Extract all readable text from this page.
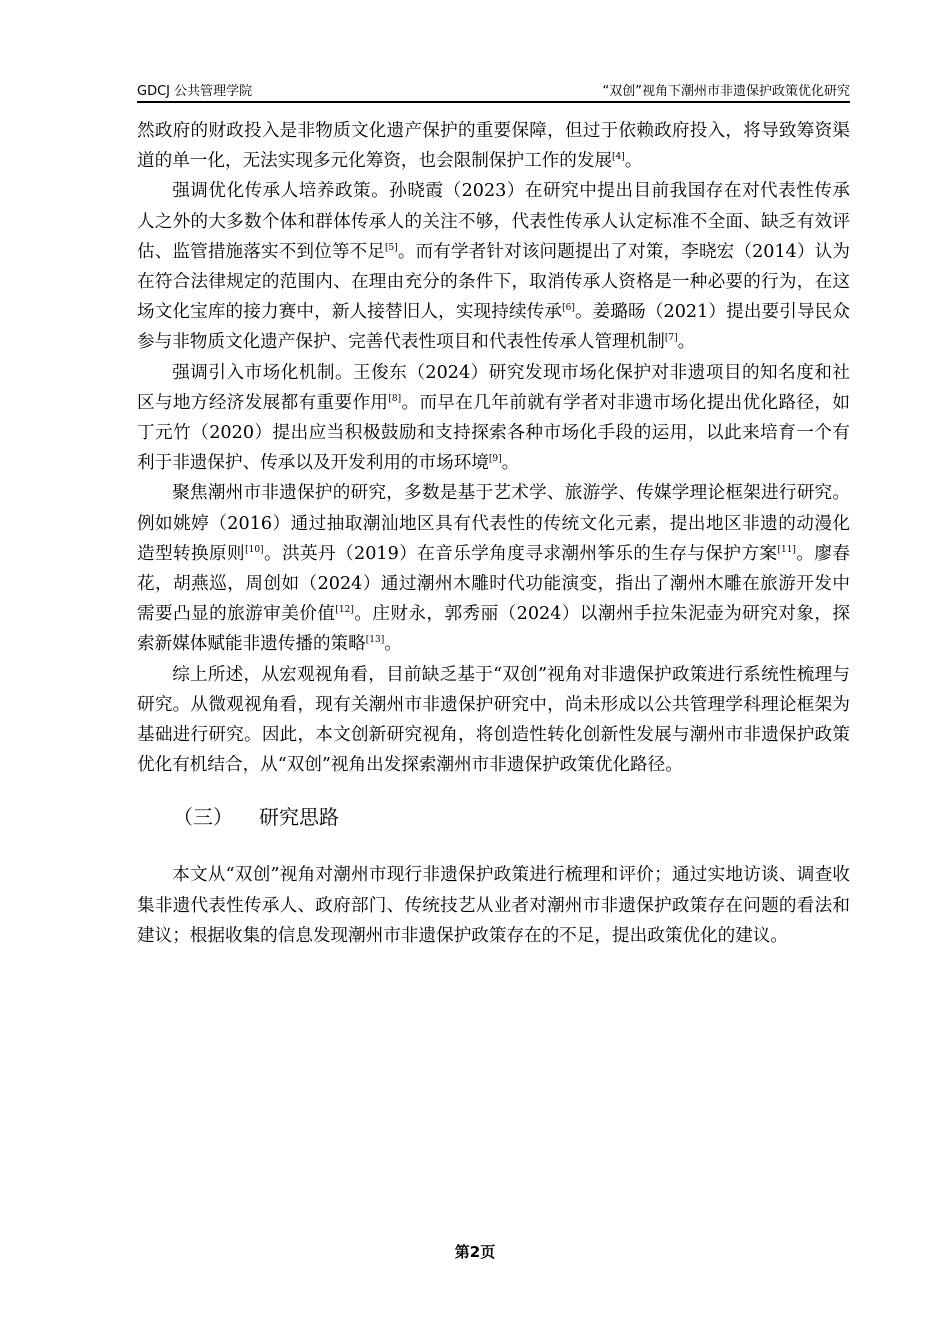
GDCJ 公共管理学院	“双创”视角下潮州市非遗保护政策优化研究

然政府的财政投入是非物质文化遗产保护的重要保障，但过于依赖政府投入，将导致筹资渠道的单一化，无法实现多元化筹资，也会限制保护工作的发展[4]。

强调优化传承人培养政策。孙晓霞（2023）在研究中提出目前我国存在对代表性传承人之外的大多数个体和群体传承人的关注不够，代表性传承人认定标准不全面、缺乏有效评估、监管措施落实不到位等不足[5]。而有学者针对该问题提出了对策，李晓宏（2014）认为在符合法律规定的范围内、在理由充分的条件下，取消传承人资格是一种必要的行为，在这场文化宝库的接力赛中，新人接替旧人，实现持续传承[6]。姜璐旸（2021）提出要引导民众参与非物质文化遗产保护、完善代表性项目和代表性传承人管理机制[7]。

强调引入市场化机制。王俊东（2024）研究发现市场化保护对非遗项目的知名度和社区与地方经济发展都有重要作用[8]。而早在几年前就有学者对非遗市场化提出优化路径，如丁元竹（2020）提出应当积极鼓励和支持探索各种市场化手段的运用，以此来培育一个有利于非遗保护、传承以及开发利用的市场环境[9]。

聚焦潮州市非遗保护的研究，多数是基于艺术学、旅游学、传媒学理论框架进行研究。例如姚婷（2016）通过抽取潮汕地区具有代表性的传统文化元素，提出地区非遗的动漫化造型转换原则[10]。洪英丹（2019）在音乐学角度寻求潮州筝乐的生存与保护方案[11]。廖春花，胡燕巡，周创如（2024）通过潮州木雕时代功能演变，指出了潮州木雕在旅游开发中需要凸显的旅游审美价值[12]。庄财永，郭秀丽（2024）以潮州手拉朱泥壶为研究对象，探索新媒体赋能非遗传播的策略[13]。

综上所述，从宏观视角看，目前缺乏基于“双创”视角对非遗保护政策进行系统性梳理与研究。从微观视角看，现有关潮州市非遗保护研究中，尚未形成以公共管理学科理论框架为基础进行研究。因此，本文创新研究视角，将创造性转化创新性发展与潮州市非遗保护政策优化有机结合，从“双创”视角出发探索潮州市非遗保护政策优化路径。

（三） 研究思路

本文从“双创”视角对潮州市现行非遗保护政策进行梳理和评价；通过实地访谈、调查收集非遗代表性传承人、政府部门、传统技艺从业者对潮州市非遗保护政策存在问题的看法和建议；根据收集的信息发现潮州市非遗保护政策存在的不足，提出政策优化的建议。

第2页
